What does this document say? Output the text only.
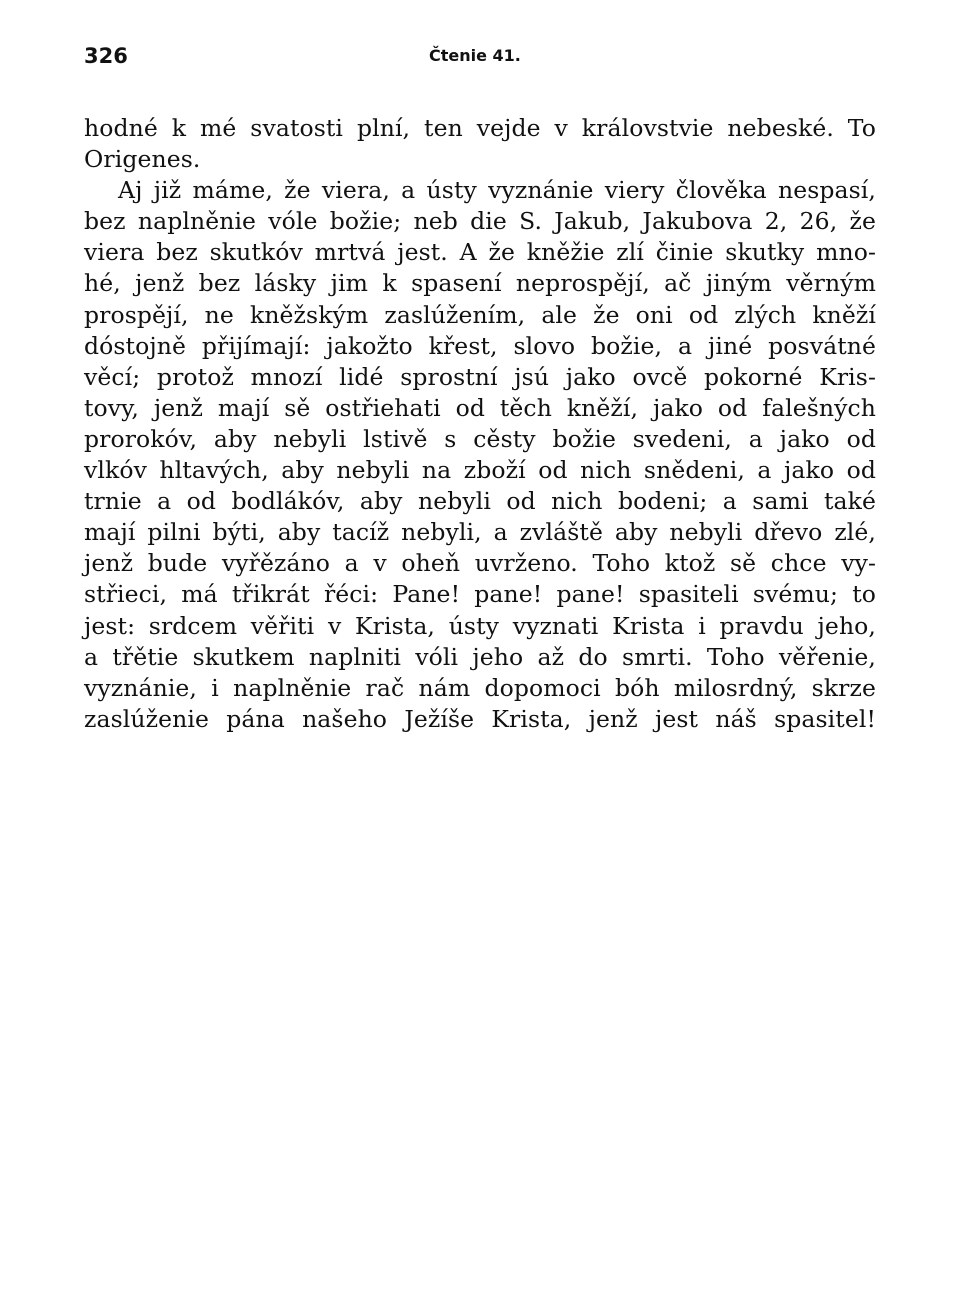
326	Čtenie 41.
hodné k mé svatosti plní, ten vejde v královstvie nebeské. To
Origenes.
Aj již máme, že viera, a ústy vyznánie viery člověka nespasí,
bez naplněnie vóle božie; neb die S. Jakub, Jakubova 2, 26, že
viera bez skutkóv mrtvá jest. A že kněžie zlí činie skutky mno-
hé, jenž bez lásky jim k spasení neprospějí, ač jiným věrným
prospějí, ne kněžským zaslúžením, ale že oni od zlých kněží
dóstojně přijímají: jakožto křest, slovo božie, a jiné posvátné
věcí; protož mnozí lidé sprostní jsú jako ovcě pokorné Kris-
tovy, jenž mají sě ostřiehati od těch kněží, jako od falešných
prorokóv, aby nebyli lstivě s cěsty božie svedeni, a jako od
vlkóv hltavých, aby nebyli na zboží od nich snědeni, a jako od
trnie a od bodlákóv, aby nebyli od nich bodeni; a sami také
mají pilni býti, aby tacíž nebyli, a zvláště aby nebyli dřevo zlé,
jenž bude vyřězáno a v oheň uvrženo. Toho ktož sě chce vy-
střieci, má třikrát řéci: Pane! pane! pane! spasiteli svému; to
jest: srdcem věřiti v Krista, ústy vyznati Krista i pravdu jeho,
a třětie skutkem naplniti vóli jeho až do smrti. Toho věřenie,
vyznánie, i naplněnie rač nám dopomoci bóh milosrdný, skrze
zaslúženie pána našeho Ježíše Krista, jenž jest náš spasitel!
